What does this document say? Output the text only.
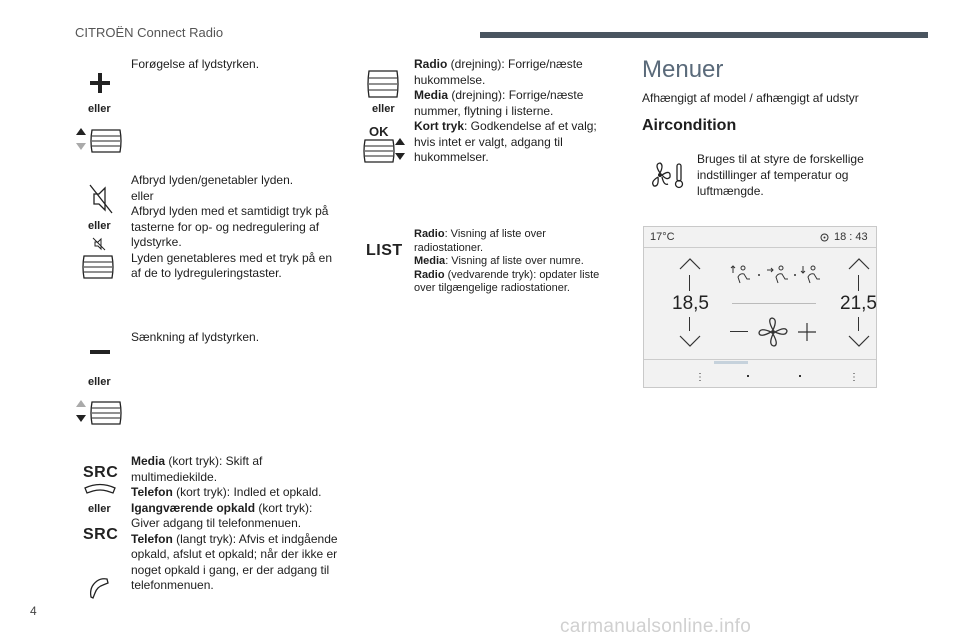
CITROËN Connect Radio
eller
Forøgelse af lydstyrken.
eller

Afbryd lyden/genetabler lyden.

eller

Afbryd lyden med et samtidigt tryk på tasterne for op- og nedregulering af lydstyrke.

Lyden genetableres med et tryk på en af de to lydreguleringstaster.

eller
Sænkning af lydstyrken.
SRC
eller
SRC

Media (kort tryk): Skift af multimediekilde.

Telefon (kort tryk): Indled et opkald.

Igangværende opkald (kort tryk): Giver adgang til telefonmenuen.

Telefon (langt tryk): Afvis et indgående opkald, afslut et opkald; når der ikke er noget opkald i gang, er der adgang til telefonmenuen.

eller
OK

Radio (drejning): Forrige/næste hukommelse.

Media (drejning): Forrige/næste nummer, flytning i listerne.

Kort tryk: Godkendelse af et valg; hvis intet er valgt, adgang til hukommelser.

LIST

Radio: Visning af liste over radiostationer.

Media: Visning af liste over numre.

Radio (vedvarende tryk): opdater liste over tilgængelige radiostationer.

Menuer
Afhængigt af model / afhængigt af udstyr
Aircondition
Bruges til at styre de forskellige indstillinger af temperatur og luftmængde.
17°C	18 : 43
18,5	21,5
⋮	⋮
4
carmanualsonline.info
